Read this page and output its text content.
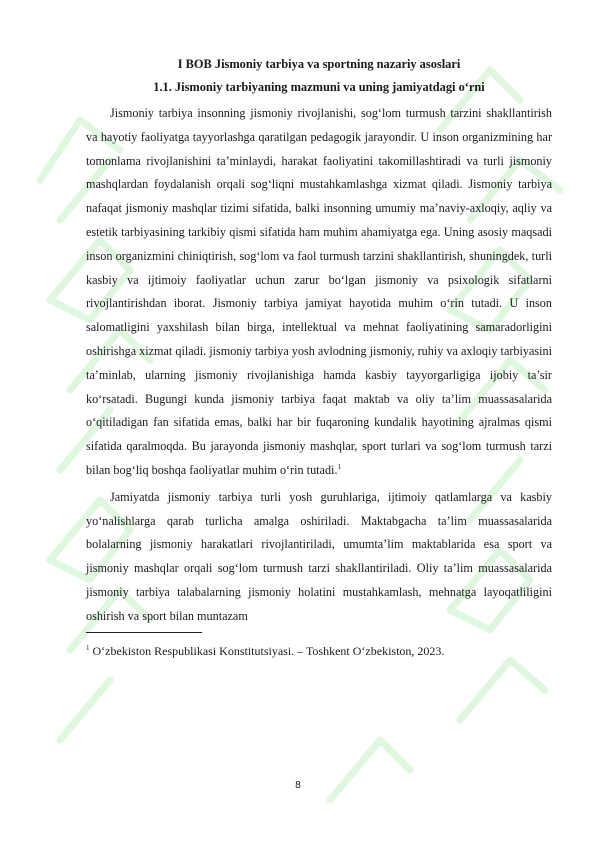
I BOB Jismoniy tarbiya va sportning nazariy asoslari

1.1. Jismoniy tarbiyaning mazmuni va uning jamiyatdagi o‘rni

Jismoniy tarbiya insonning jismoniy rivojlanishi, sog‘lom turmush tarzini shakllantirish va hayotiy faoliyatga tayyorlashga qaratilgan pedagogik jarayondir. U inson organizmining har tomonlama rivojlanishini ta’minlaydi, harakat faoliyatini takomillashtiradi va turli jismoniy mashqlardan foydalanish orqali sog‘liqni mustahkamlashga xizmat qiladi. Jismoniy tarbiya nafaqat jismoniy mashqlar tizimi sifatida, balki insonning umumiy ma’naviy-axloqiy, aqliy va estetik tarbiyasining tarkibiy qismi sifatida ham muhim ahamiyatga ega. Uning asosiy maqsadi inson organizmini chiniqtirish, sog‘lom va faol turmush tarzini shakllantirish, shuningdek, turli kasbiy va ijtimoiy faoliyatlar uchun zarur bo‘lgan jismoniy va psixologik sifatlarni rivojlantirishdan iborat. Jismoniy tarbiya jamiyat hayotida muhim o‘rin tutadi. U inson salomatligini yaxshilash bilan birga, intellektual va mehnat faoliyatining samaradorligini oshirishga xizmat qiladi. jismoniy tarbiya yosh avlodning jismoniy, ruhiy va axloqiy tarbiyasini ta’minlab, ularning jismoniy rivojlanishiga hamda kasbiy tayyorgarligiga ijobiy ta’sir ko‘rsatadi. Bugungi kunda jismoniy tarbiya faqat maktab va oliy ta’lim muassasalarida o‘qitiladigan fan sifatida emas, balki har bir fuqaroning kundalik hayotining ajralmas qismi sifatida qaralmoqda. Bu jarayonda jismoniy mashqlar, sport turlari va sog‘lom turmush tarzi bilan bog‘liq boshqa faoliyatlar muhim o‘rin tutadi.$^1$

Jamiyatda jismoniy tarbiya turli yosh guruhlariga, ijtimoiy qatlamlarga va kasbiy yo‘nalishlarga qarab turlicha amalga oshiriladi. Maktabgacha ta’lim muassasalarida bolalarning jismoniy harakatlari rivojlantiriladi, umumta’lim maktablarida esa sport va jismoniy mashqlar orqali sog‘lom turmush tarzi shakllantiriladi. Oliy ta’lim muassasalarida jismoniy tarbiya talabalarning jismoniy holatini mustahkamlash, mehnatga layoqatliligini oshirish va sport bilan muntazam

$^1$ O‘zbekiston Respublikasi Konstitutsiyasi. – Toshkent O‘zbekiston, 2023.
8
